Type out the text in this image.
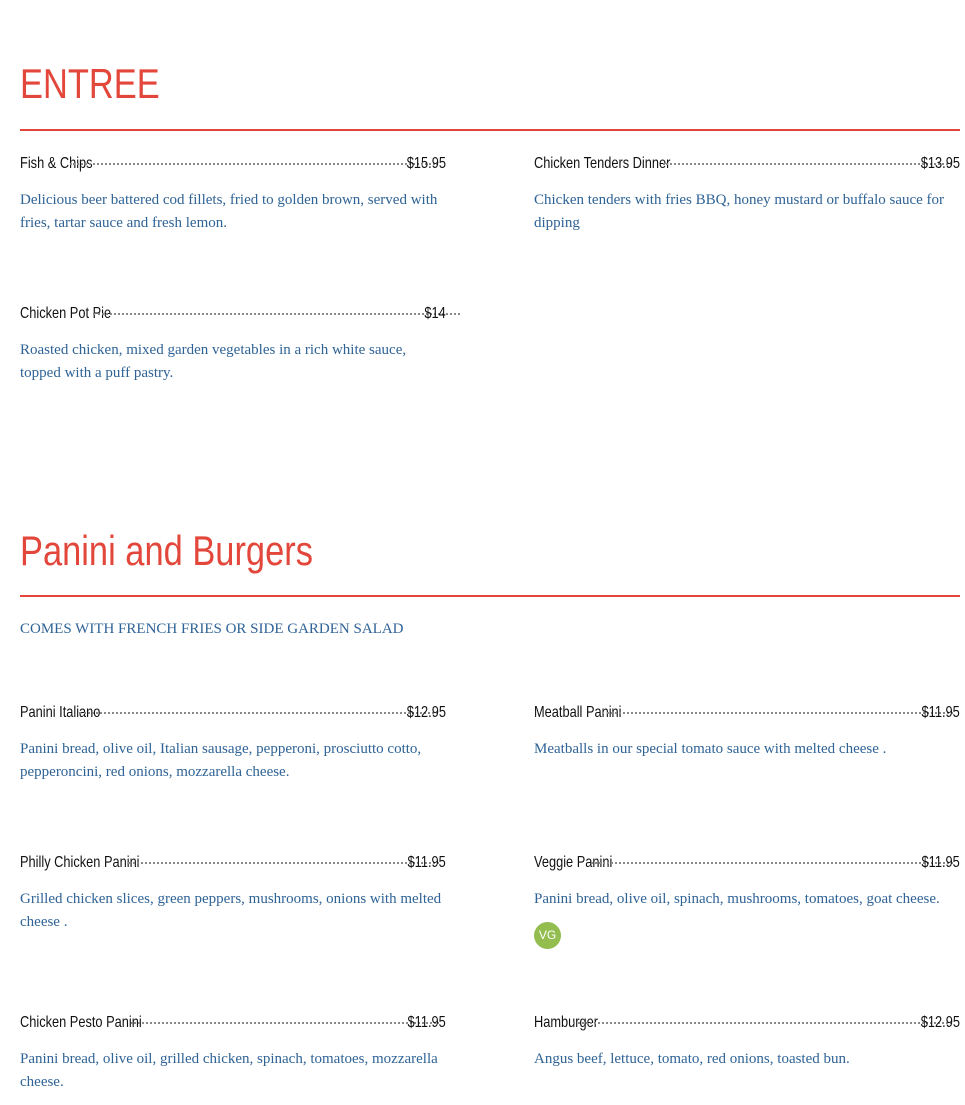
ENTREE
Fish & Chips	$15.95
Delicious beer battered cod fillets, fried to golden brown, served with fries, tartar sauce and fresh lemon.
Chicken Tenders Dinner	$13.95
Chicken tenders with fries BBQ, honey mustard or buffalo sauce for dipping
Chicken Pot Pie	$14
Roasted chicken, mixed garden vegetables in a rich white sauce, topped with a puff pastry.
Panini and Burgers
COMES WITH FRENCH FRIES OR SIDE GARDEN SALAD
Panini Italiano	$12.95
Panini bread, olive oil, Italian sausage, pepperoni, prosciutto cotto, pepperoncini, red onions, mozzarella cheese.
Meatball Panini	$11.95
Meatballs in our special tomato sauce with melted cheese .
Philly Chicken Panini	$11.95
Grilled chicken slices, green peppers, mushrooms, onions with melted cheese .
Veggie Panini	$11.95
Panini bread, olive oil, spinach, mushrooms, tomatoes, goat cheese.
VG
Chicken Pesto Panini	$11.95
Panini bread, olive oil, grilled chicken, spinach, tomatoes, mozzarella cheese.
Hamburger	$12.95
Angus beef, lettuce, tomato, red onions, toasted bun.
